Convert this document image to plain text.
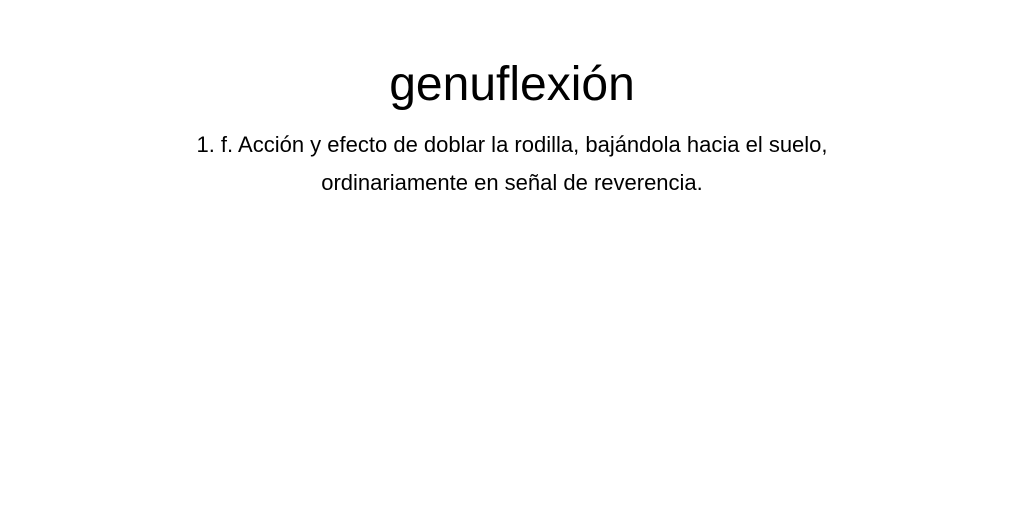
genuflexión

1. f. Acción y efecto de doblar la rodilla, bajándola hacia el suelo, ordinariamente en señal de reverencia.
